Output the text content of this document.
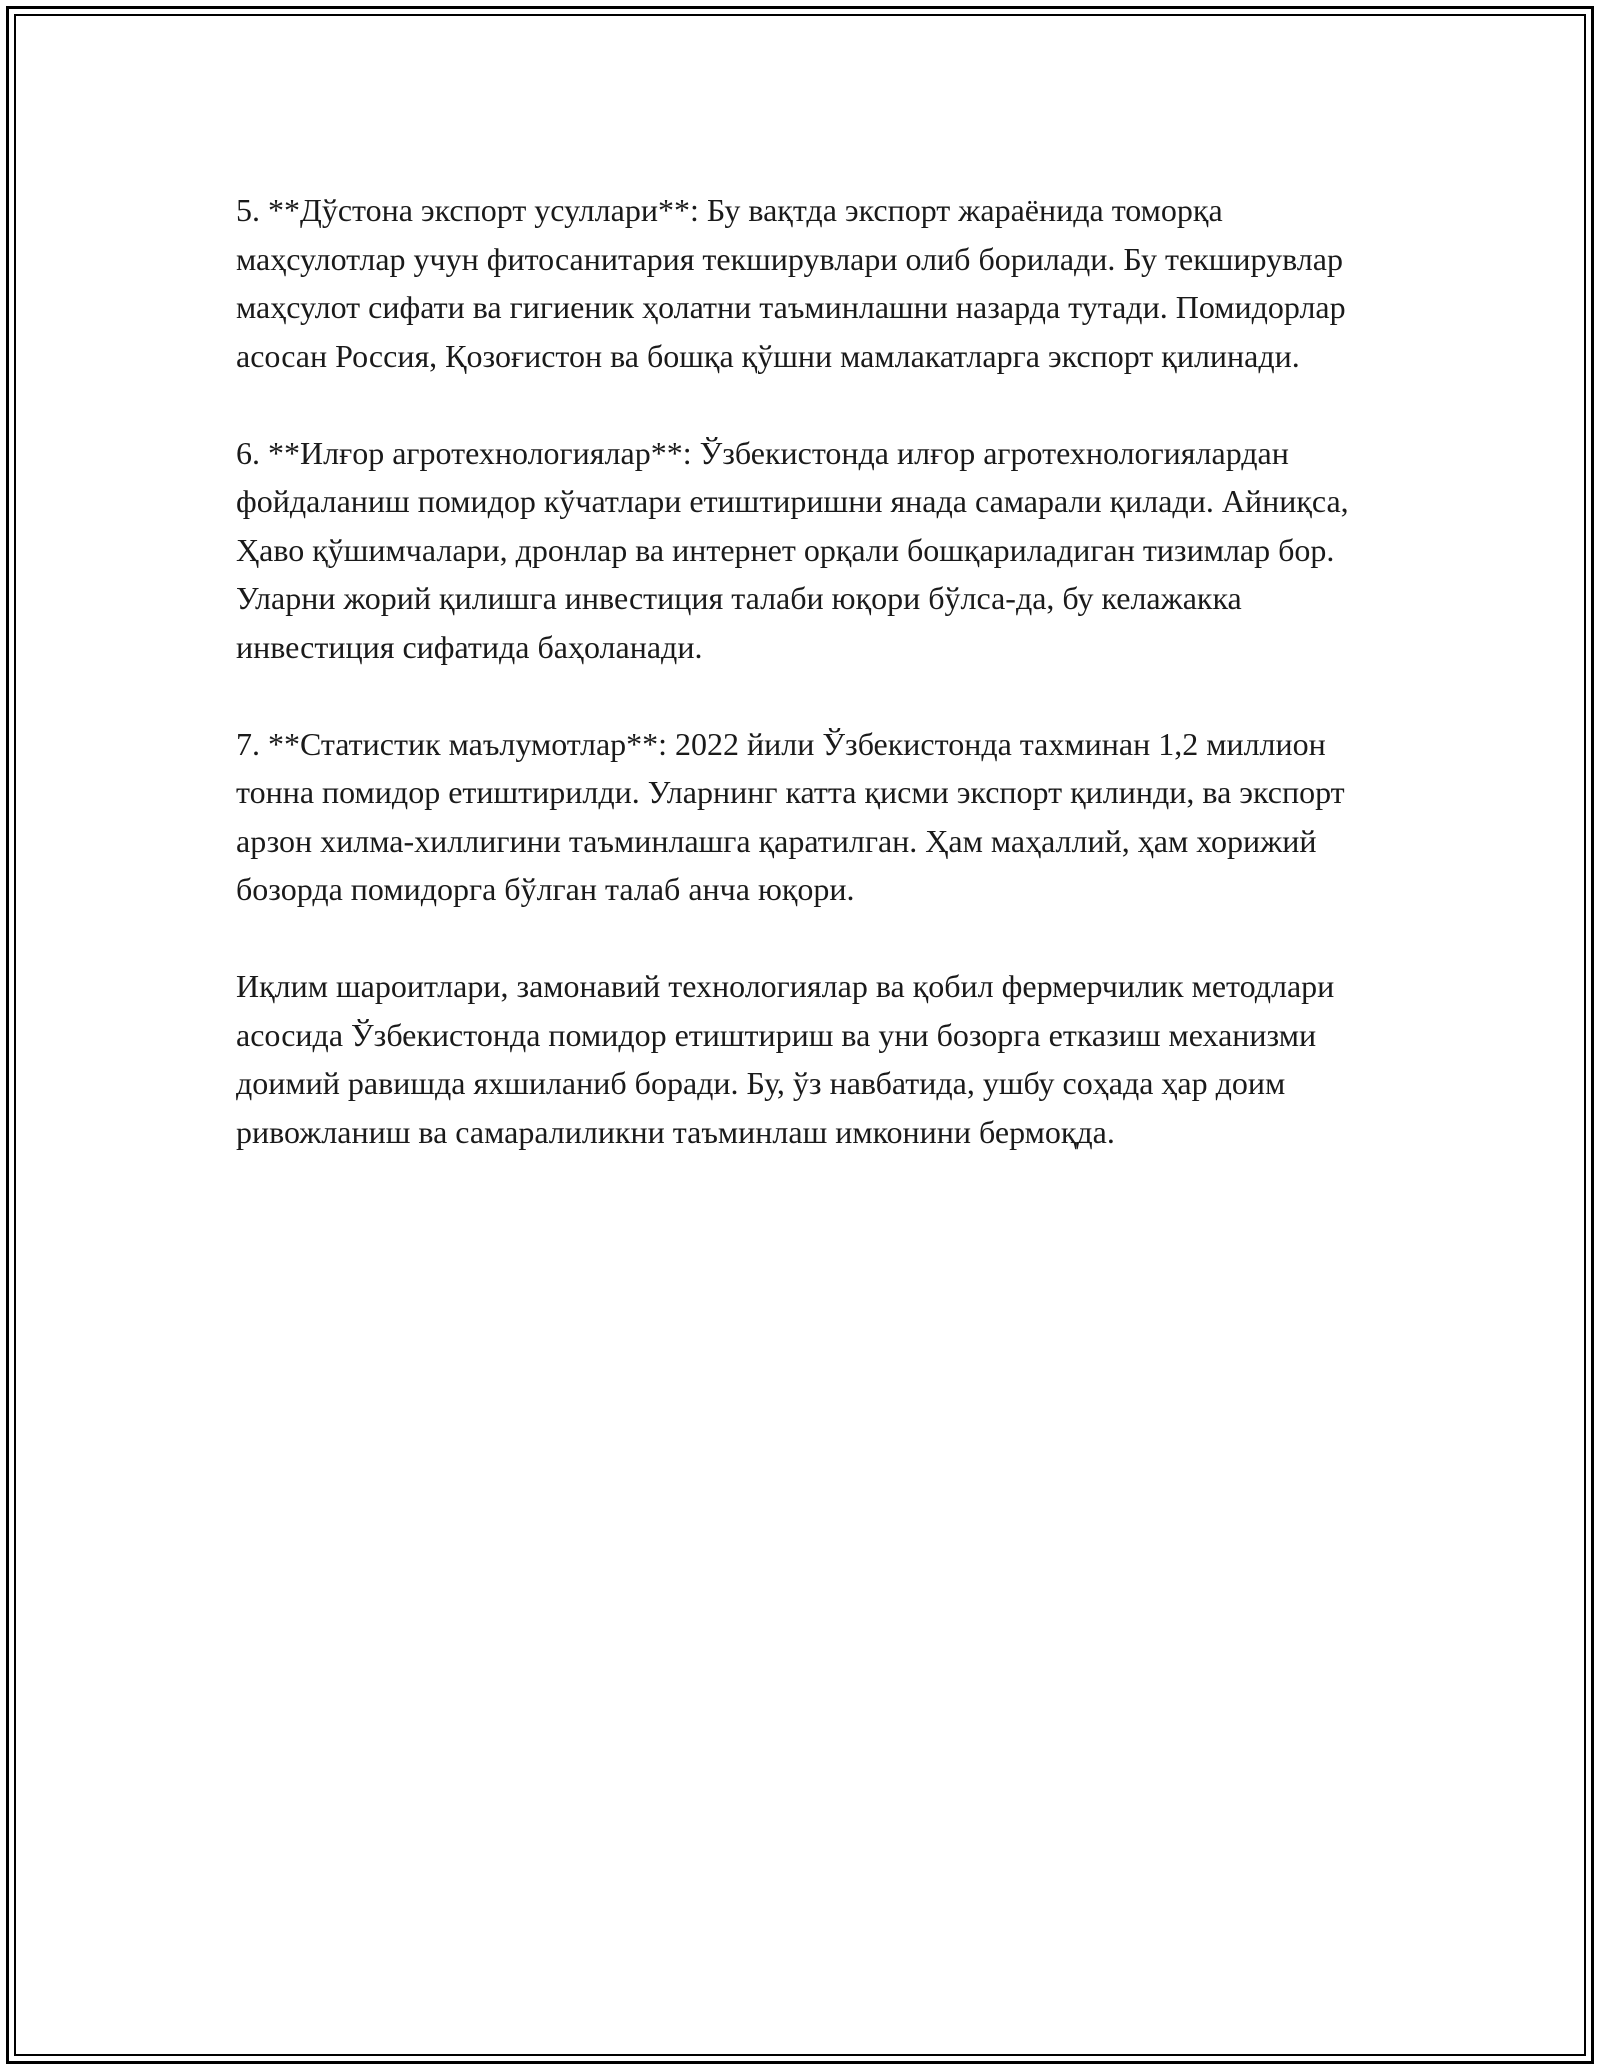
5. **Дўстона экспорт усуллари**: Бу вақтда экспорт жараёнида томорқа маҳсулотлар учун фитосанитария текширувлари олиб борилади. Бу текширувлар маҳсулот сифати ва гигиеник ҳолатни таъминлашни назарда тутади. Помидорлар асосан Россия, Қозоғистон ва бошқа қўшни мамлакатларга экспорт қилинади.

6. **Илғор агротехнологиялар**: Ўзбекистонда илғор агротехнологиялардан фойдаланиш помидор кўчатлари етиштиришни янада самарали қилади. Айниқса, Ҳаво қўшимчалари, дронлар ва интернет орқали бошқариладиган тизимлар бор. Уларни жорий қилишга инвестиция талаби юқори бўлса-да, бу келажакка инвестиция сифатида баҳоланади.

7. **Статистик маълумотлар**: 2022 йили Ўзбекистонда тахминан 1,2 миллион тонна помидор етиштирилди. Уларнинг катта қисми экспорт қилинди, ва экспорт арзон хилма-хиллигини таъминлашга қаратилган. Ҳам маҳаллий, ҳам хорижий бозорда помидорга бўлган талаб анча юқори.

Иқлим шароитлари, замонавий технологиялар ва қобил фермерчилик методлари асосида Ўзбекистонда помидор етиштириш ва уни бозорга етказиш механизми доимий равишда яхшиланиб боради. Бу, ўз навбатида, ушбу соҳада ҳар доим ривожланиш ва самаралиликни таъминлаш имконини бермоқда.
